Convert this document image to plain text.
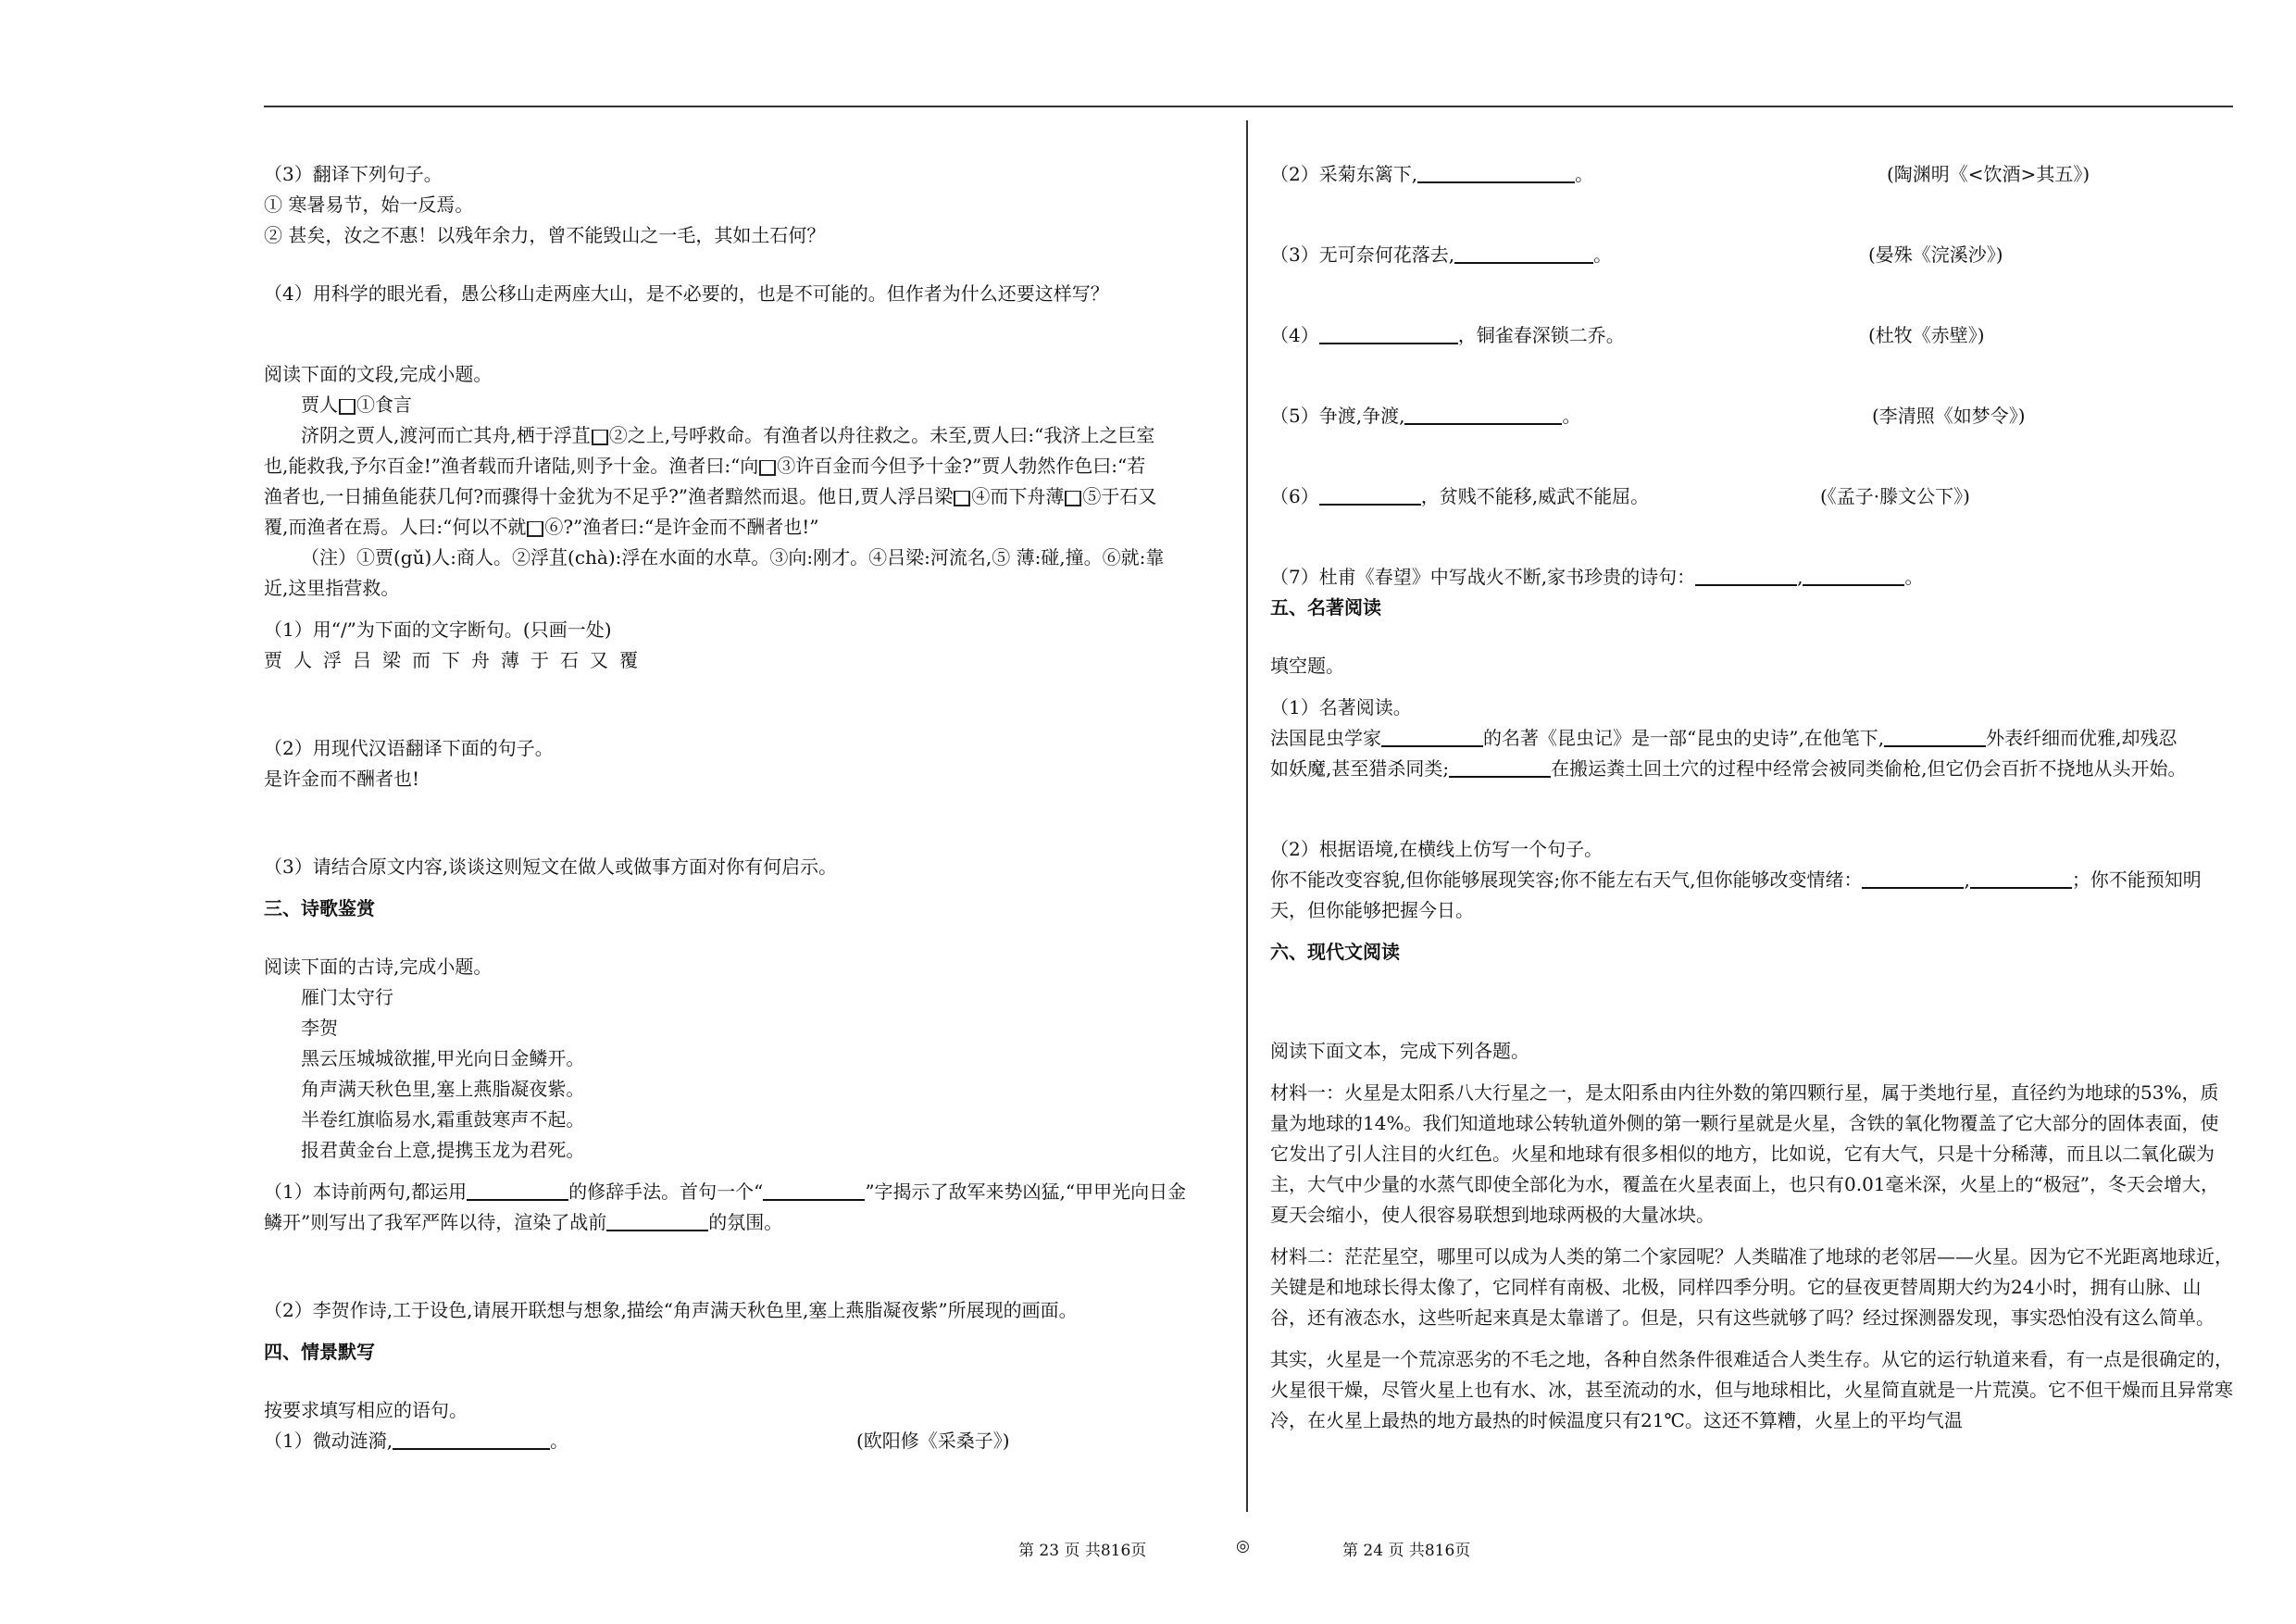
（3）翻译下列句子。

① 寒暑易节，始一反焉。

② 甚矣，汝之不惠！以残年余力，曾不能毁山之一毛，其如土石何？

（4）用科学的眼光看，愚公移山走两座大山，是不必要的，也是不可能的。但作者为什么还要这样写？

阅读下面的文段,完成小题。

贾人 ①食言

济阴之贾人,渡河而亡其舟,栖于浮苴 ②之上,号呼救命。有渔者以舟往救之。未至,贾人曰:“我济上之巨室

也,能救我,予尔百金!”渔者载而升诸陆,则予十金。渔者曰:“向 ③许百金而今但予十金?”贾人勃然作色曰:“若

渔者也,一日捕鱼能获几何?而骤得十金犹为不足乎?”渔者黯然而退。他日,贾人浮吕梁 ④而下舟薄 ⑤于石又

覆,而渔者在焉。人曰:“何以不就 ⑥?”渔者曰:“是许金而不酬者也!”

（注）①贾(gǔ)人:商人。②浮苴(chà):浮在水面的水草。③向:刚才。④吕梁:河流名,⑤ 薄:碰,撞。⑥就:靠

近,这里指营救。

（1）用“/”为下面的文字断句。(只画一处)

贾人浮吕梁而下舟薄于石又覆

（2）用现代汉语翻译下面的句子。

是许金而不酬者也!

（3）请结合原文内容,谈谈这则短文在做人或做事方面对你有何启示。

三、诗歌鉴赏

阅读下面的古诗,完成小题。

雁门太守行

李贺

黑云压城城欲摧,甲光向日金鳞开。

角声满天秋色里,塞上燕脂凝夜紫。

半卷红旗临易水,霜重鼓寒声不起。

报君黄金台上意,提携玉龙为君死。

（1）本诗前两句,都运用	的修辞手法。首句一个“	”字揭示了敌军来势凶猛,“甲甲光向日金

鳞开”则写出了我军严阵以待，渲染了战前	的氛围。

（2）李贺作诗,工于设色,请展开联想与想象,描绘“角声满天秋色里,塞上燕脂凝夜紫”所展现的画面。

四、情景默写

按要求填写相应的语句。

（1）微动涟漪,	。	(欧阳修《采桑子》)
（2）采菊东篱下,	。	(陶渊明《<饮酒>其五》)
（3）无可奈何花落去,	。	(晏殊《浣溪沙》)
（4）	，铜雀春深锁二乔。	(杜牧《赤壁》)
（5）争渡,争渡,	。	(李清照《如梦令》)
（6）	，贫贱不能移,威武不能屈。	(《孟子·滕文公下》)
（7）杜甫《春望》中写战火不断,家书珍贵的诗句：	,	。

五、名著阅读

填空题。

（1）名著阅读。

法国昆虫学家	的名著《昆虫记》是一部“昆虫的史诗”,在他笔下,	外表纤细而优雅,却残忍

如妖魔,甚至猎杀同类;	在搬运粪土回土穴的过程中经常会被同类偷枪,但它仍会百折不挠地从头开始。

（2）根据语境,在横线上仿写一个句子。

你不能改变容貌,但你能够展现笑容;你不能左右天气,但你能够改变情绪：	,	；你不能预知明

天，但你能够把握今日。

六、现代文阅读

阅读下面文本，完成下列各题。

材料一：火星是太阳系八大行星之一，是太阳系由内往外数的第四颗行星，属于类地行星，直径约为地球的53%，质量为地球的14%。我们知道地球公转轨道外侧的第一颗行星就是火星，含铁的氧化物覆盖了它大部分的固体表面，使它发出了引人注目的火红色。火星和地球有很多相似的地方，比如说，它有大气，只是十分稀薄，而且以二氧化碳为主，大气中少量的水蒸气即使全部化为水，覆盖在火星表面上，也只有0.01毫米深，火星上的“极冠”，冬天会增大，夏天会缩小，使人很容易联想到地球两极的大量冰块。

材料二：茫茫星空，哪里可以成为人类的第二个家园呢？人类瞄准了地球的老邻居——火星。因为它不光距离地球近，关键是和地球长得太像了，它同样有南极、北极，同样四季分明。它的昼夜更替周期大约为24小时，拥有山脉、山谷，还有液态水，这些听起来真是太靠谱了。但是，只有这些就够了吗？经过探测器发现，事实恐怕没有这么简单。

其实，火星是一个荒凉恶劣的不毛之地，各种自然条件很难适合人类生存。从它的运行轨道来看，有一点是很确定的，火星很干燥，尽管火星上也有水、冰，甚至流动的水，但与地球相比，火星简直就是一片荒漠。它不但干燥而且异常寒冷，在火星上最热的地方最热的时候温度只有21℃。这还不算糟，火星上的平均气温

第 23 页 共816页	◎	第 24 页 共816页
